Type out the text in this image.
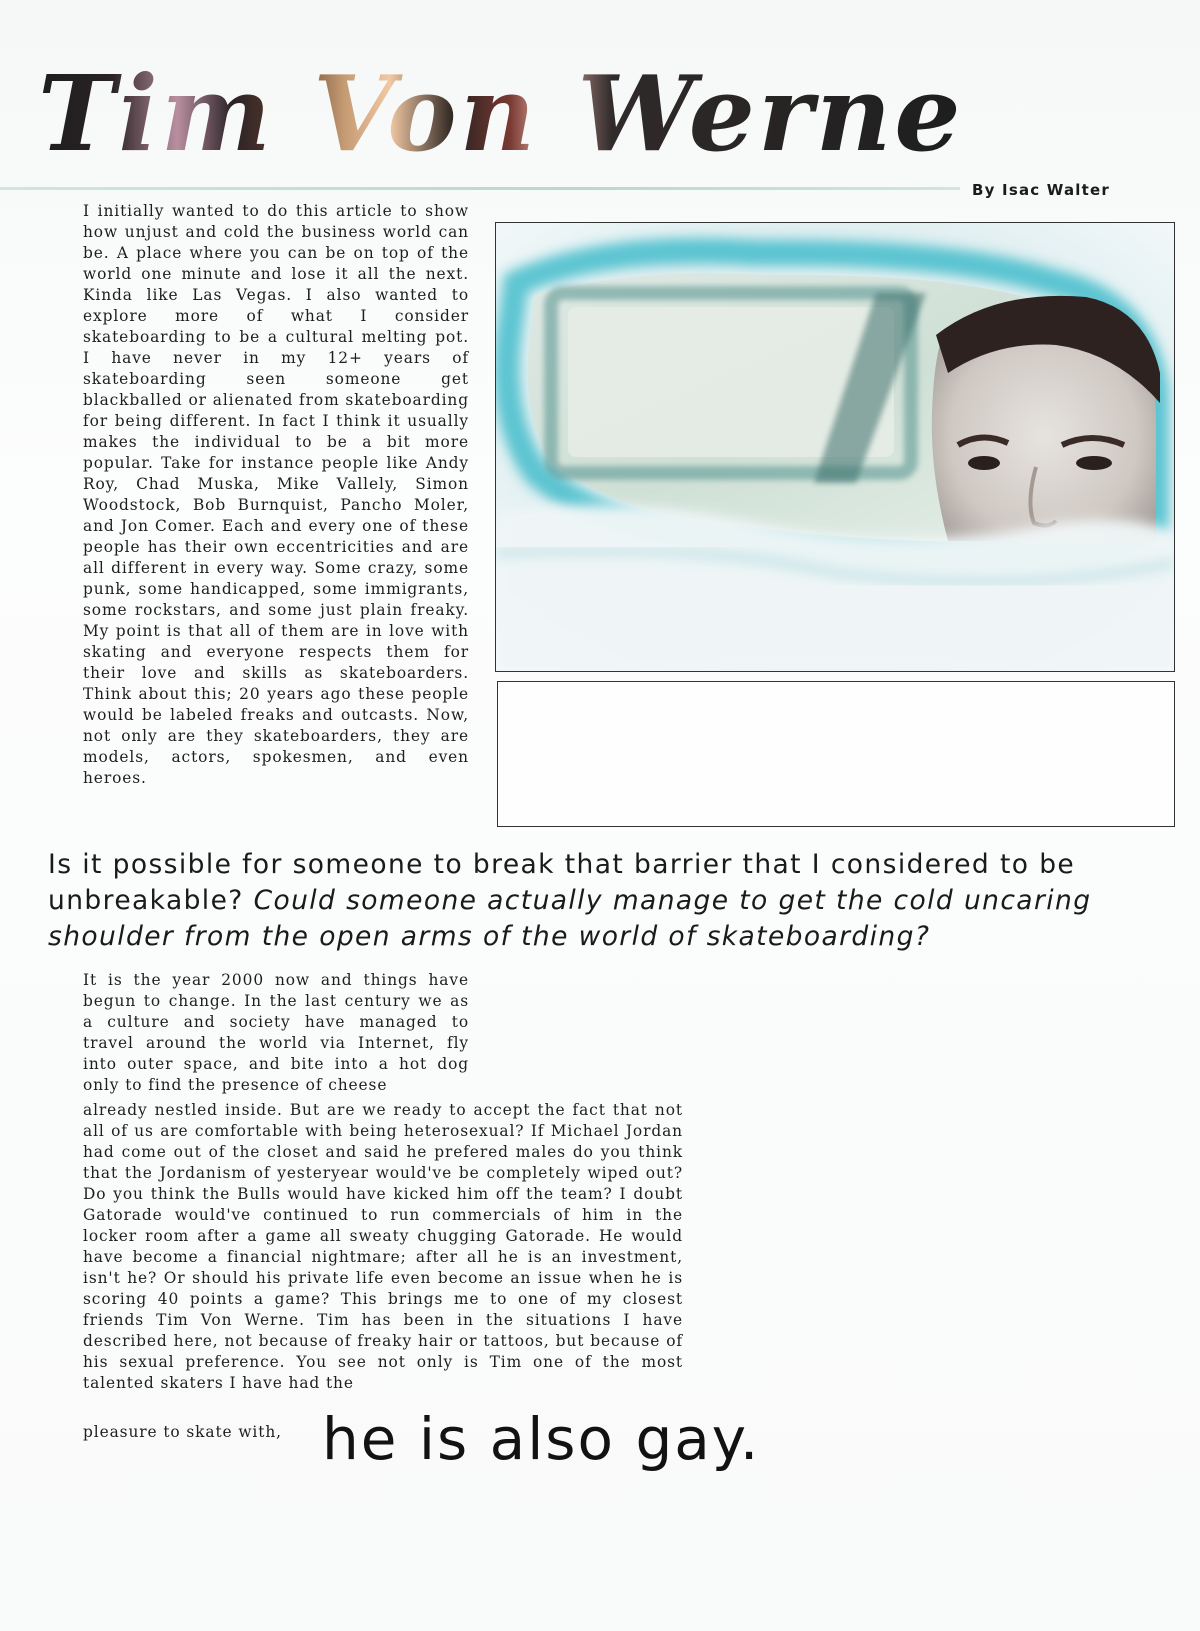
Tim Von Werne
By Isac Walter
I initially wanted to do this article to show how unjust and cold the business world can be. A place where you can be on top of the world one minute and lose it all the next. Kinda like Las Vegas. I also wanted to explore more of what I consider skateboarding to be a cultural melting pot. I have never in my 12+ years of skateboarding seen someone get blackballed or alienated from skateboarding for being different. In fact I think it usually makes the individual to be a bit more popular. Take for instance people like Andy Roy, Chad Muska, Mike Vallely, Simon Woodstock, Bob Burnquist, Pancho Moler, and Jon Comer. Each and every one of these people has their own eccentricities and are all different in every way. Some crazy, some punk, some handicapped, some immigrants, some rockstars, and some just plain freaky. My point is that all of them are in love with skating and everyone respects them for their love and skills as skateboarders. Think about this; 20 years ago these people would be labeled freaks and outcasts. Now, not only are they skateboarders, they are models, actors, spokesmen, and even heroes.
Is it possible for someone to break that barrier that I considered to be unbreakable? Could someone actually manage to get the cold uncaring shoulder from the open arms of the world of skateboarding?
It is the year 2000 now and things have begun to change. In the last century we as a culture and society have managed to travel around the world via Internet, fly into outer space, and bite into a hot dog only to find the presence of cheese
already nestled inside. But are we ready to accept the fact that not all of us are comfortable with being heterosexual? If Michael Jordan had come out of the closet and said he prefered males do you think that the Jordanism of yesteryear would've be completely wiped out? Do you think the Bulls would have kicked him off the team? I doubt Gatorade would've continued to run commercials of him in the locker room after a game all sweaty chugging Gatorade. He would have become a financial nightmare; after all he is an investment, isn't he? Or should his private life even become an issue when he is scoring 40 points a game? This brings me to one of my closest friends Tim Von Werne. Tim has been in the situations I have described here, not because of freaky hair or tattoos, but because of his sexual preference. You see not only is Tim one of the most talented skaters I have had the
pleasure to skate with, he is also gay.
